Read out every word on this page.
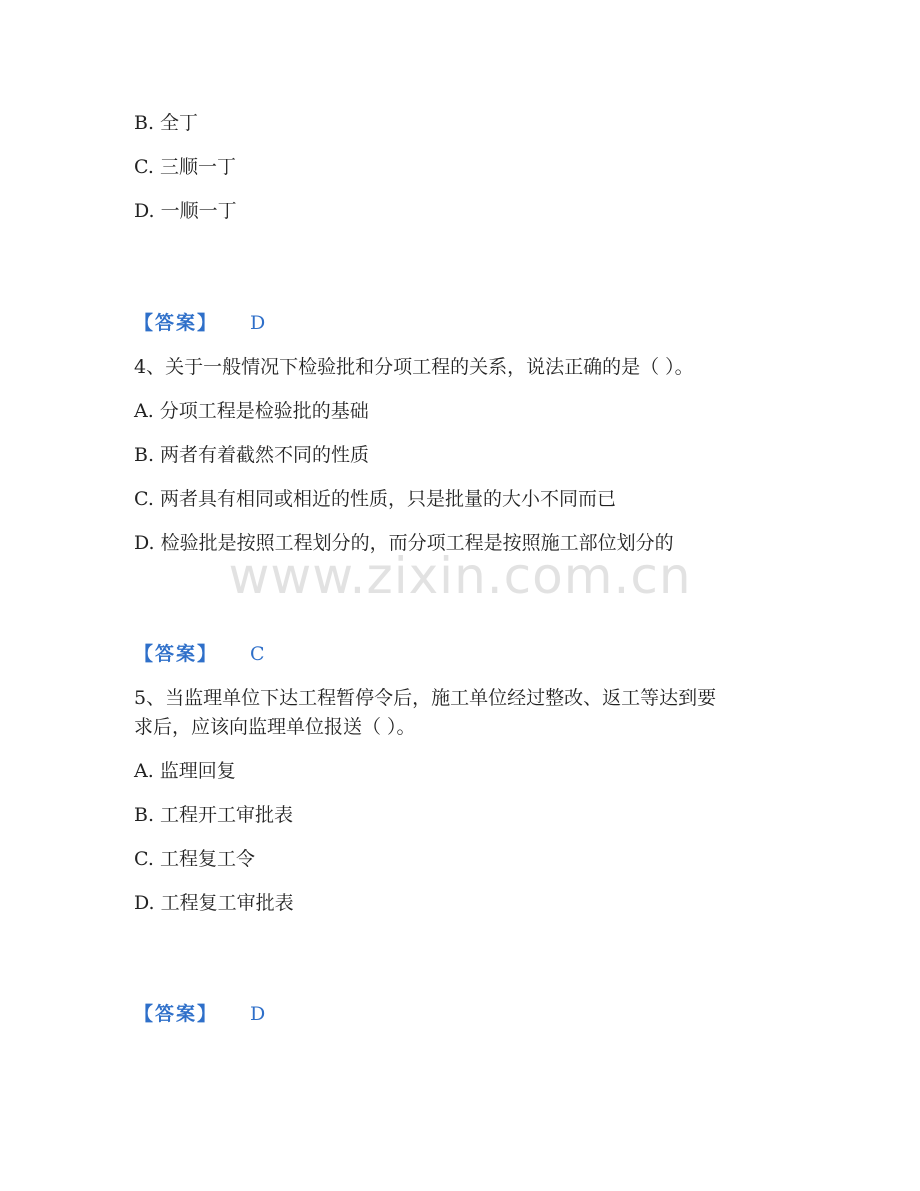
B. 全丁

C. 三顺一丁

D. 一顺一丁

【答案】 D

4、关于一般情况下检验批和分项工程的关系，说法正确的是（ ）。

A. 分项工程是检验批的基础

B. 两者有着截然不同的性质

C. 两者具有相同或相近的性质，只是批量的大小不同而已

D. 检验批是按照工程划分的，而分项工程是按照施工部位划分的

www.zixin.com.cn
【答案】 C

5、当监理单位下达工程暂停令后，施工单位经过整改、返工等达到要

求后，应该向监理单位报送（ ）。

A. 监理回复

B. 工程开工审批表

C. 工程复工令

D. 工程复工审批表

【答案】 D
